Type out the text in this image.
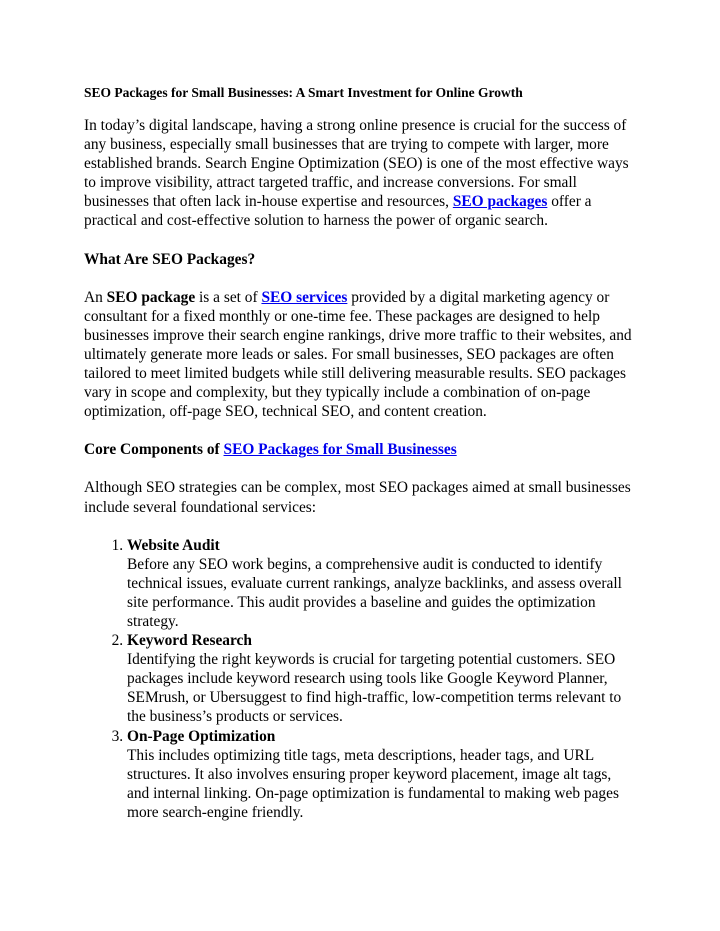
SEO Packages for Small Businesses: A Smart Investment for Online Growth

In today’s digital landscape, having a strong online presence is crucial for the success of any business, especially small businesses that are trying to compete with larger, more established brands. Search Engine Optimization (SEO) is one of the most effective ways to improve visibility, attract targeted traffic, and increase conversions. For small businesses that often lack in-house expertise and resources, SEO packages offer a practical and cost-effective solution to harness the power of organic search.

What Are SEO Packages?

An SEO package is a set of SEO services provided by a digital marketing agency or consultant for a fixed monthly or one-time fee. These packages are designed to help businesses improve their search engine rankings, drive more traffic to their websites, and ultimately generate more leads or sales. For small businesses, SEO packages are often tailored to meet limited budgets while still delivering measurable results. SEO packages vary in scope and complexity, but they typically include a combination of on-page optimization, off-page SEO, technical SEO, and content creation.

Core Components of SEO Packages for Small Businesses

Although SEO strategies can be complex, most SEO packages aimed at small businesses include several foundational services:

1. Website Audit
Before any SEO work begins, a comprehensive audit is conducted to identify technical issues, evaluate current rankings, analyze backlinks, and assess overall site performance. This audit provides a baseline and guides the optimization strategy.
2. Keyword Research
Identifying the right keywords is crucial for targeting potential customers. SEO packages include keyword research using tools like Google Keyword Planner, SEMrush, or Ubersuggest to find high-traffic, low-competition terms relevant to the business’s products or services.
3. On-Page Optimization
This includes optimizing title tags, meta descriptions, header tags, and URL structures. It also involves ensuring proper keyword placement, image alt tags, and internal linking. On-page optimization is fundamental to making web pages more search-engine friendly.
